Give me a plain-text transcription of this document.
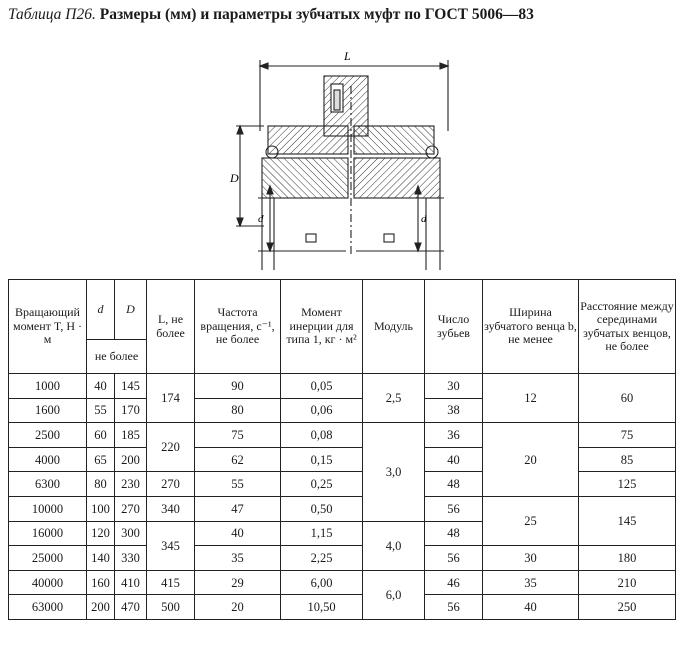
Таблица П26. Размеры (мм) и параметры зубчатых муфт по ГОСТ 5006—83
L
D
d	d
Вращающий момент T, Н · м	d	D	L, не более	Частота вращения, с⁻¹, не более	Момент инерции для типа 1, кг · м²	Модуль	Число зубьев	Ширина зубчатого венца b, не менее	Расстояние между серединами зубчатых венцов, не более
	не более								
1000	40	145	174	90	0,05	2,5	30	12	60
1600	55	170		80	0,06		38		
2500	60	185	220	75	0,08	3,0	36	20	75
4000	65	200		62	0,15		40		85
6300	80	230	270	55	0,25		48		125
10000	100	270	340	47	0,50		56	25	145
16000	120	300	345	40	1,15	4,0	48		
25000	140	330		35	2,25		56	30	180
40000	160	410	415	29	6,00	6,0	46	35	210
63000	200	470	500	20	10,50		56	40	250
